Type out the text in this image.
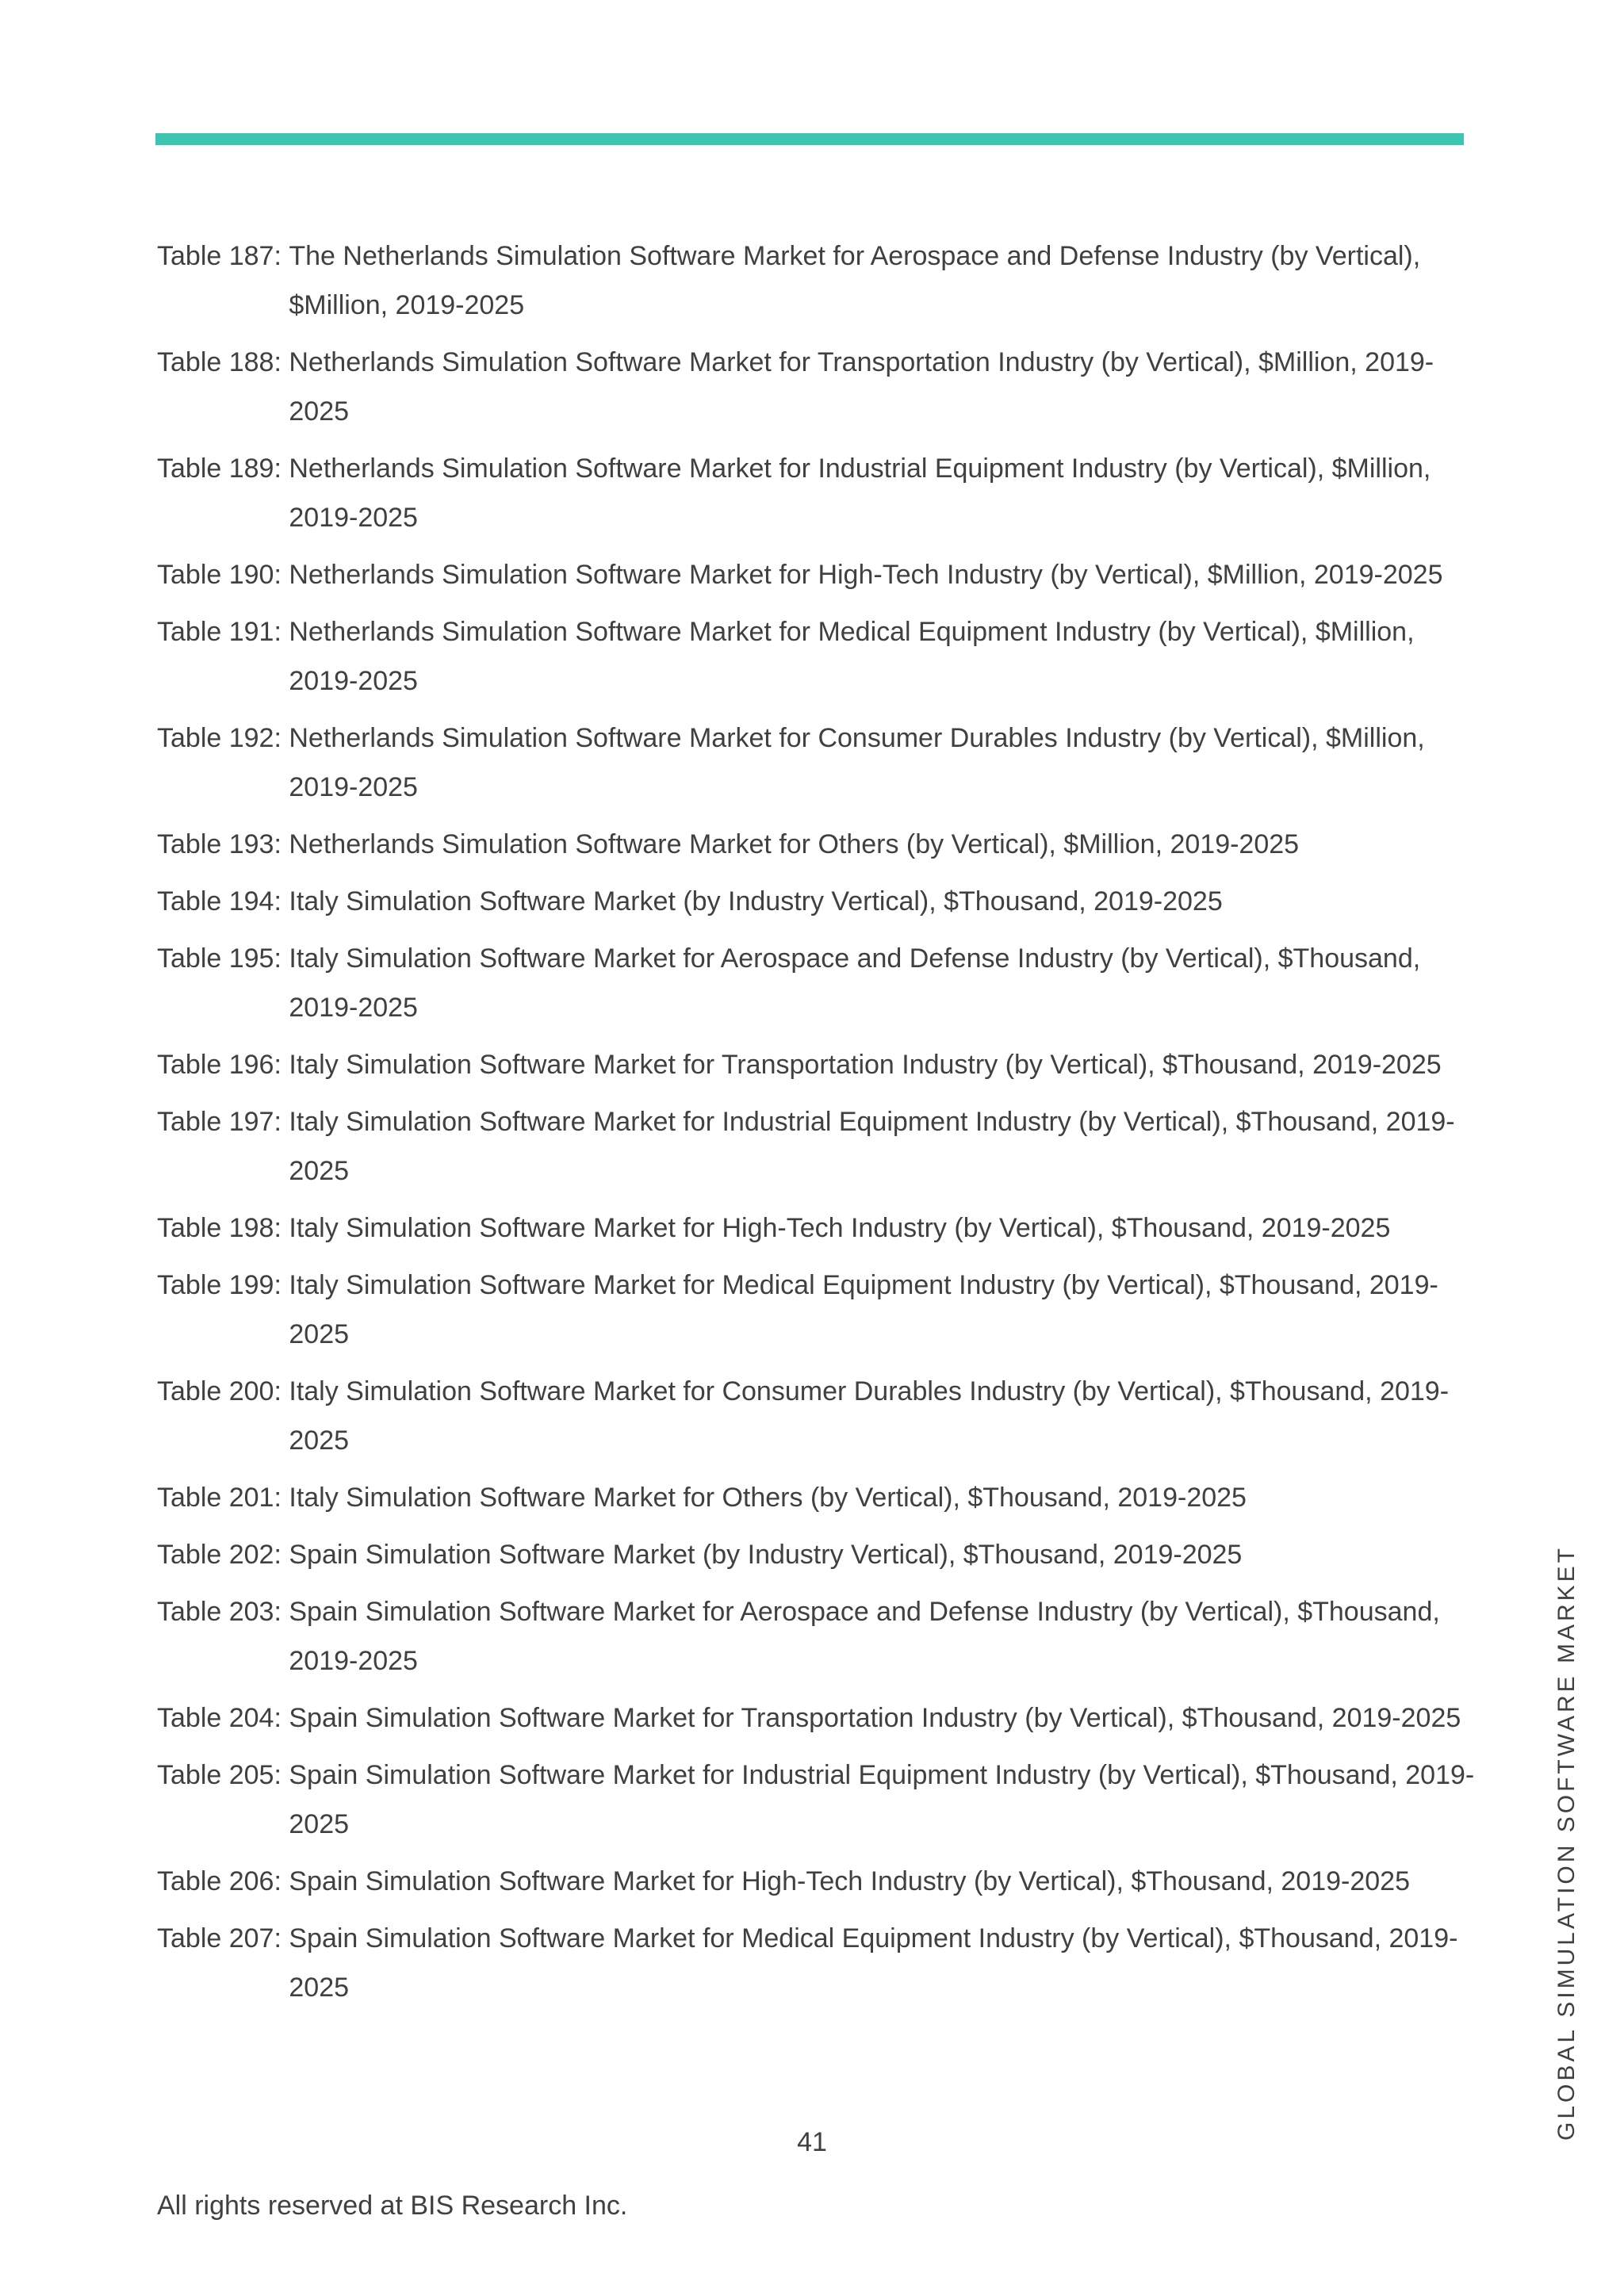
Table 187 : The Netherlands Simulation Software Market for Aerospace and Defense Industry (by Vertical), $Million, 2019-2025
Table 188 : Netherlands Simulation Software Market for Transportation Industry (by Vertical), $Million, 2019-2025
Table 189 : Netherlands Simulation Software Market for Industrial Equipment Industry (by Vertical), $Million, 2019-2025
Table 190 : Netherlands Simulation Software Market for High-Tech Industry (by Vertical), $Million, 2019-2025
Table 191 : Netherlands Simulation Software Market for Medical Equipment Industry (by Vertical), $Million, 2019-2025
Table 192 : Netherlands Simulation Software Market for Consumer Durables Industry (by Vertical), $Million, 2019-2025
Table 193 : Netherlands Simulation Software Market for Others (by Vertical), $Million, 2019-2025
Table 194 : Italy Simulation Software Market (by Industry Vertical), $Thousand, 2019-2025
Table 195 : Italy Simulation Software Market for Aerospace and Defense Industry (by Vertical), $Thousand, 2019-2025
Table 196 : Italy Simulation Software Market for Transportation Industry (by Vertical), $Thousand, 2019-2025
Table 197 : Italy Simulation Software Market for Industrial Equipment Industry (by Vertical), $Thousand, 2019-2025
Table 198 : Italy Simulation Software Market for High-Tech Industry (by Vertical), $Thousand, 2019-2025
Table 199 : Italy Simulation Software Market for Medical Equipment Industry (by Vertical), $Thousand, 2019-2025
Table 200 : Italy Simulation Software Market for Consumer Durables Industry (by Vertical), $Thousand, 2019-2025
Table 201 : Italy Simulation Software Market for Others (by Vertical), $Thousand, 2019-2025
Table 202 : Spain Simulation Software Market (by Industry Vertical), $Thousand, 2019-2025
Table 203 : Spain Simulation Software Market for Aerospace and Defense Industry (by Vertical), $Thousand, 2019-2025
Table 204 : Spain Simulation Software Market for Transportation Industry (by Vertical), $Thousand, 2019-2025
Table 205 : Spain Simulation Software Market for Industrial Equipment Industry (by Vertical), $Thousand, 2019-2025
Table 206 : Spain Simulation Software Market for High-Tech Industry (by Vertical), $Thousand, 2019-2025
Table 207 : Spain Simulation Software Market for Medical Equipment Industry (by Vertical), $Thousand, 2019-2025
41
All rights reserved at BIS Research Inc.
GLOBAL SIMULATION SOFTWARE MARKET
